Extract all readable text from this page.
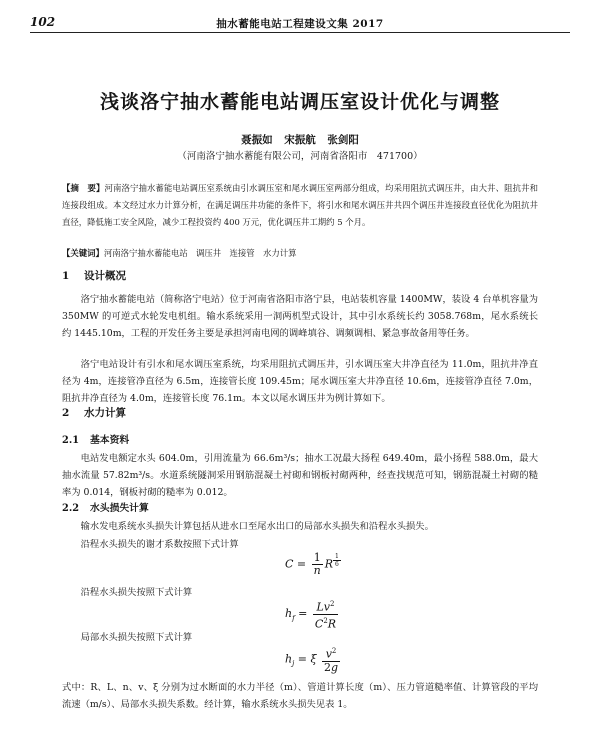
102	抽水蓄能电站工程建设文集 2017
浅谈洛宁抽水蓄能电站调压室设计优化与调整
聂振如 宋振航 张剑阳
（河南洛宁抽水蓄能有限公司，河南省洛阳市　471700）
【摘　要】河南洛宁抽水蓄能电站调压室系统由引水调压室和尾水调压室两部分组成，均采用阻抗式调压井，由大井、阻抗井和连接段组成。本文经过水力计算分析，在满足调压井功能的条件下，将引水和尾水调压井共四个调压井连接段直径优化为阻抗井直径，降低施工安全风险，减少工程投资约 400 万元，优化调压井工期约 5 个月。
【关键词】河南洛宁抽水蓄能电站　调压井　连接管　水力计算
1 设计概况
洛宁抽水蓄能电站（简称洛宁电站）位于河南省洛阳市洛宁县，电站装机容量 1400MW，装设 4 台单机容量为 350MW 的可逆式水轮发电机组。输水系统采用一洞两机型式设计，其中引水系统长约 3058.768m，尾水系统长约 1445.10m，工程的开发任务主要是承担河南电网的调峰填谷、调频调相、紧急事故备用等任务。
洛宁电站设计有引水和尾水调压室系统，均采用阻抗式调压井，引水调压室大井净直径为 11.0m，阻抗井净直径为 4m，连接管净直径为 6.5m，连接管长度 109.45m；尾水调压室大井净直径 10.6m，连接管净直径 7.0m，阻抗井净直径为 4.0m，连接管长度 76.1m。本文以尾水调压井为例计算如下。
2 水力计算
2.1 基本资料
电站发电额定水头 604.0m，引用流量为 66.6m³/s；抽水工况最大扬程 649.40m，最小扬程 588.0m，最大抽水流量 57.82m³/s。水道系统隧洞采用钢筋混凝土衬砌和钢板衬砌两种，经查找规范可知，钢筋混凝土衬砌的糙率为 0.014，钢板衬砌的糙率为 0.012。
2.2 水头损失计算
输水发电系统水头损失计算包括从进水口至尾水出口的局部水头损失和沿程水头损失。
沿程水头损失的谢才系数按照下式计算
$C = \frac{1}{n}$ R $^{\frac{1}{6}}$
沿程水头损失按照下式计算
$h_f = \frac{Lv^2}{C^2R}$
局部水头损失按照下式计算
$h_j = \xi \frac{v^2}{2g}$
式中：R、L、n、v、ξ 分别为过水断面的水力半径（m）、管道计算长度（m）、压力管道糙率值、计算管段的平均流速（m/s）、局部水头损失系数。经计算，输水系统水头损失见表 1。
